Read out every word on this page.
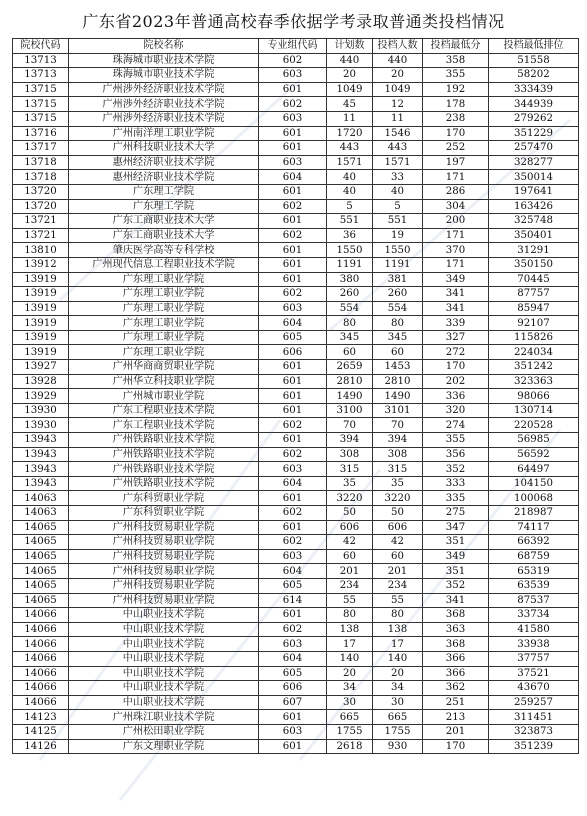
广东省2023年普通高校春季依据学考录取普通类投档情况
院校代码	院校名称	专业组代码	计划数	投档人数	投档最低分	投档最低排位
13713	珠海城市职业技术学院	602	440	440	358	51558
13713	珠海城市职业技术学院	603	20	20	355	58202
13715	广州涉外经济职业技术学院	601	1049	1049	192	333439
13715	广州涉外经济职业技术学院	602	45	12	178	344939
13715	广州涉外经济职业技术学院	603	11	11	238	279262
13716	广州南洋理工职业学院	601	1720	1546	170	351229
13717	广州科技职业技术大学	601	443	443	252	257470
13718	惠州经济职业技术学院	603	1571	1571	197	328277
13718	惠州经济职业技术学院	604	40	33	171	350014
13720	广东理工学院	601	40	40	286	197641
13720	广东理工学院	602	5	5	304	163426
13721	广东工商职业技术大学	601	551	551	200	325748
13721	广东工商职业技术大学	602	36	19	171	350401
13810	肇庆医学高等专科学校	601	1550	1550	370	31291
13912	广州现代信息工程职业技术学院	601	1191	1191	171	350150
13919	广东理工职业学院	601	380	381	349	70445
13919	广东理工职业学院	602	260	260	341	87757
13919	广东理工职业学院	603	554	554	341	85947
13919	广东理工职业学院	604	80	80	339	92107
13919	广东理工职业学院	605	345	345	327	115826
13919	广东理工职业学院	606	60	60	272	224034
13927	广州华商商贸职业学院	601	2659	1453	170	351242
13928	广州华立科技职业学院	601	2810	2810	202	323363
13929	广州城市职业学院	601	1490	1490	336	98066
13930	广东工程职业技术学院	601	3100	3101	320	130714
13930	广东工程职业技术学院	602	70	70	274	220528
13943	广州铁路职业技术学院	601	394	394	355	56985
13943	广州铁路职业技术学院	602	308	308	356	56592
13943	广州铁路职业技术学院	603	315	315	352	64497
13943	广州铁路职业技术学院	604	35	35	333	104150
14063	广东科贸职业学院	601	3220	3220	335	100068
14063	广东科贸职业学院	602	50	50	275	218987
14065	广州科技贸易职业学院	601	606	606	347	74117
14065	广州科技贸易职业学院	602	42	42	351	66392
14065	广州科技贸易职业学院	603	60	60	349	68759
14065	广州科技贸易职业学院	604	201	201	351	65319
14065	广州科技贸易职业学院	605	234	234	352	63539
14065	广州科技贸易职业学院	614	55	55	341	87537
14066	中山职业技术学院	601	80	80	368	33734
14066	中山职业技术学院	602	138	138	363	41580
14066	中山职业技术学院	603	17	17	368	33938
14066	中山职业技术学院	604	140	140	366	37757
14066	中山职业技术学院	605	20	20	366	37521
14066	中山职业技术学院	606	34	34	362	43670
14066	中山职业技术学院	607	30	30	251	259257
14123	广州珠江职业技术学院	601	665	665	213	311451
14125	广州松田职业学院	603	1755	1755	201	323873
14126	广东文理职业学院	601	2618	930	170	351239
